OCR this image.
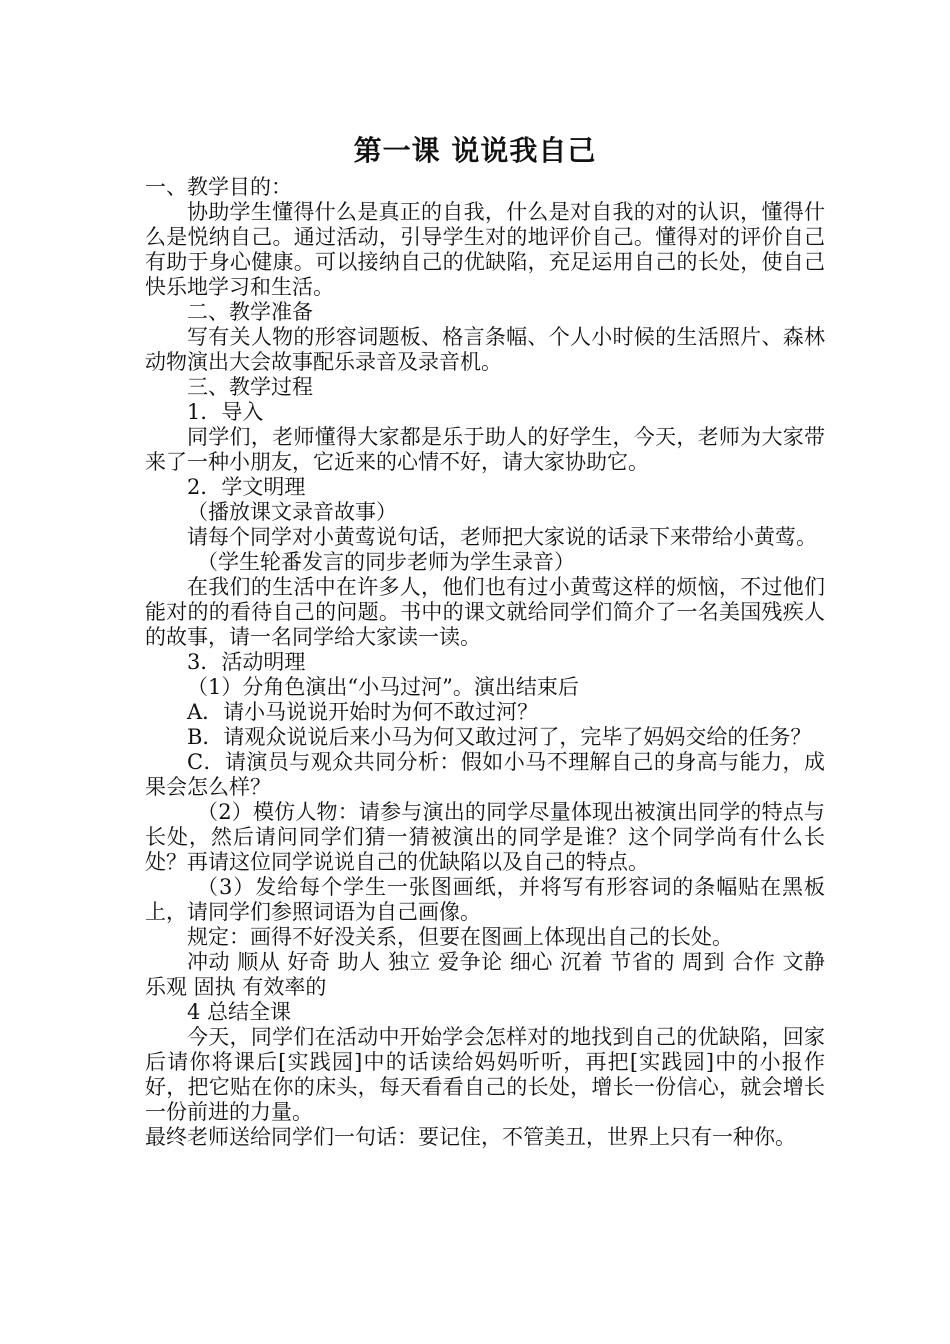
第一课 说说我自己

一、教学目的：

协助学生懂得什么是真正的自我，什么是对自我的对的认识，懂得什么是悦纳自己。通过活动，引导学生对的地评价自己。懂得对的评价自己有助于身心健康。可以接纳自己的优缺陷，充足运用自己的长处，使自己快乐地学习和生活。

二、教学准备

写有关人物的形容词题板、格言条幅、个人小时候的生活照片、森林动物演出大会故事配乐录音及录音机。

三、教学过程

1．导入

同学们，老师懂得大家都是乐于助人的好学生，今天，老师为大家带来了一种小朋友，它近来的心情不好，请大家协助它。

2．学文明理

（播放课文录音故事）

请每个同学对小黄莺说句话，老师把大家说的话录下来带给小黄莺。

（学生轮番发言的同步老师为学生录音）

在我们的生活中在许多人，他们也有过小黄莺这样的烦恼，不过他们能对的的看待自己的问题。书中的课文就给同学们简介了一名美国残疾人的故事，请一名同学给大家读一读。

3．活动明理

（1）分角色演出“小马过河”。演出结束后

A．请小马说说开始时为何不敢过河？

B．请观众说说后来小马为何又敢过河了，完毕了妈妈交给的任务？

C．请演员与观众共同分析：假如小马不理解自己的身高与能力，成果会怎么样？

（2）模仿人物：请参与演出的同学尽量体现出被演出同学的特点与长处，然后请问同学们猜一猜被演出的同学是谁？这个同学尚有什么长处？再请这位同学说说自己的优缺陷以及自己的特点。

（3）发给每个学生一张图画纸，并将写有形容词的条幅贴在黑板上，请同学们参照词语为自己画像。

规定：画得不好没关系，但要在图画上体现出自己的长处。

冲动 顺从 好奇 助人 独立 爱争论 细心 沉着 节省的 周到 合作 文静 乐观 固执 有效率的

4 总结全课

今天，同学们在活动中开始学会怎样对的地找到自己的优缺陷，回家后请你将课后[实践园]中的话读给妈妈听听，再把[实践园]中的小报作好，把它贴在你的床头，每天看看自己的长处，增长一份信心，就会增长一份前进的力量。

最终老师送给同学们一句话：要记住，不管美丑，世界上只有一种你。
